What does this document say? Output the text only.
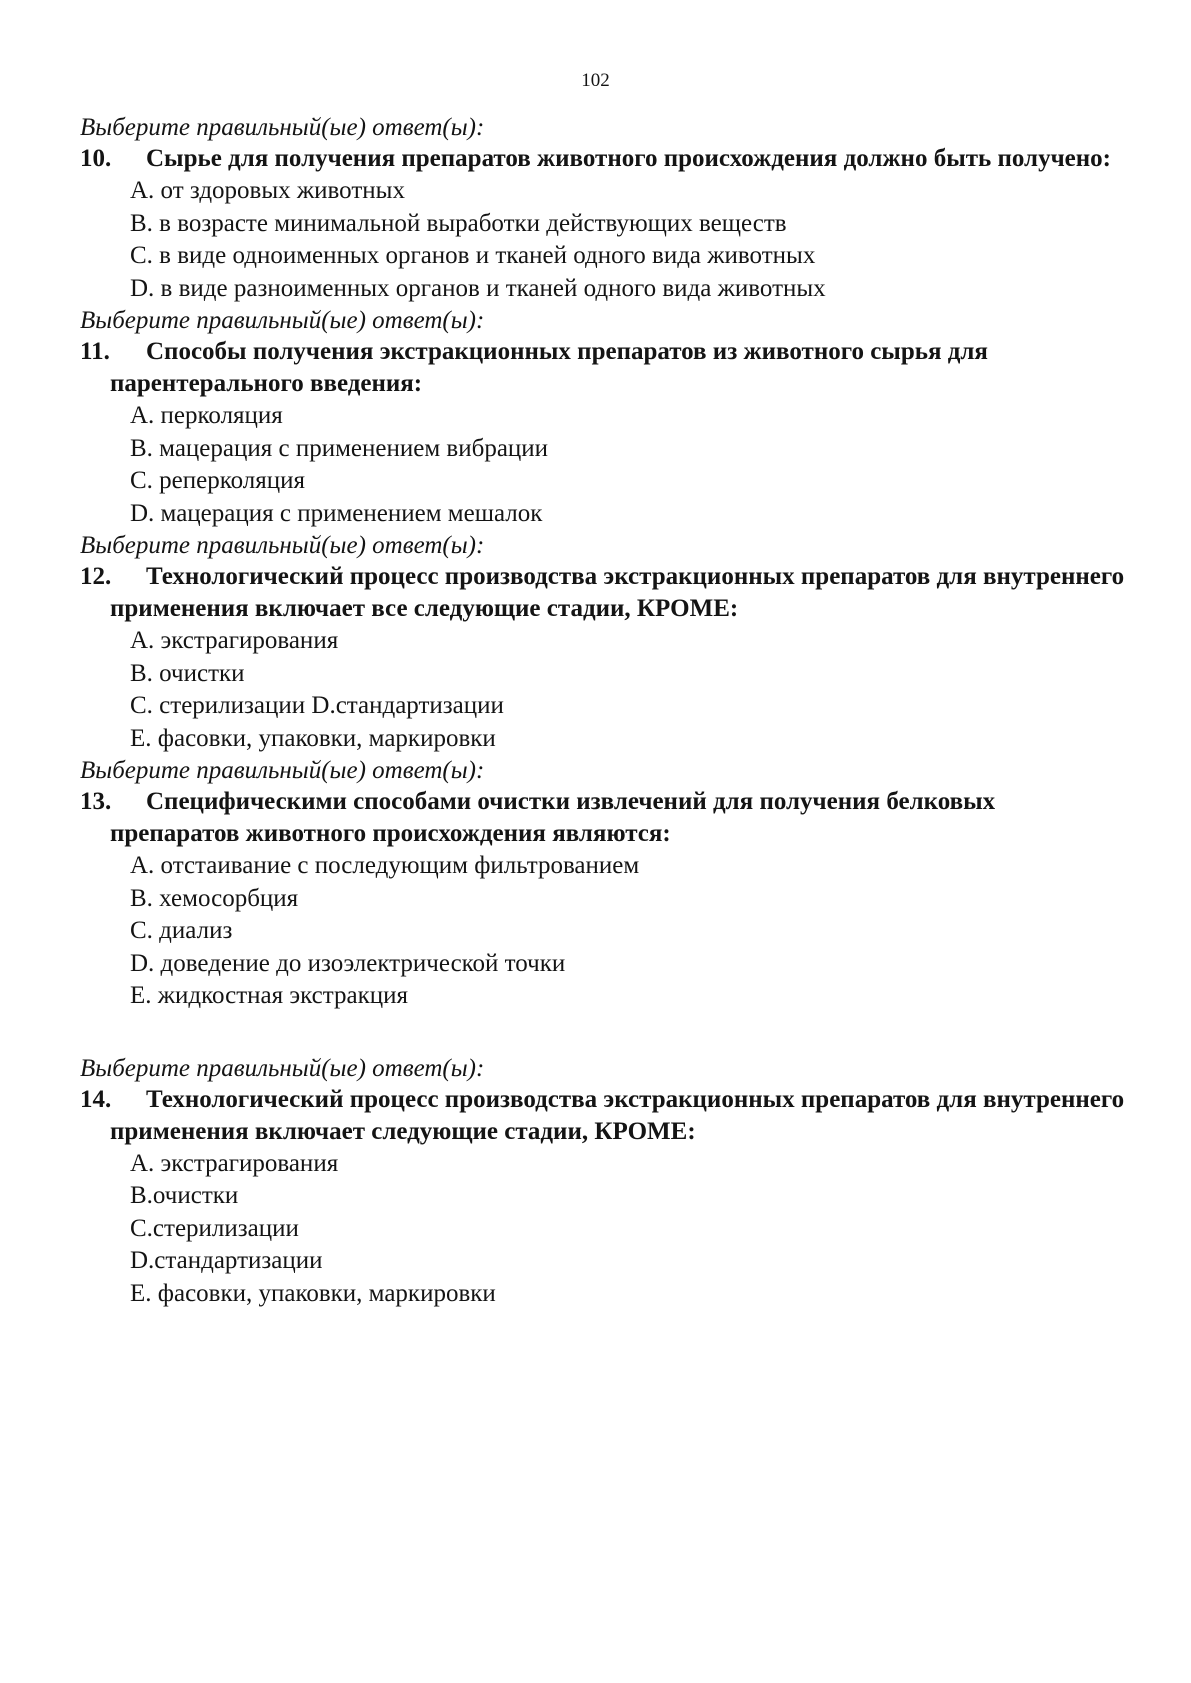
102
Выберите правильный(ые) ответ(ы):
10. Сырье для получения препаратов животного происхождения должно быть получено:
A. от здоровых животных
B. в возрасте минимальной выработки действующих веществ
C. в виде одноименных органов и тканей одного вида животных
D. в виде разноименных органов и тканей одного вида животных
Выберите правильный(ые) ответ(ы):
11. Способы получения экстракционных препаратов из животного сырья для парентерального введения:
A. перколяция
B. мацерация с применением вибрации
C. реперколяция
D. мацерация с применением мешалок
Выберите правильный(ые) ответ(ы):
12. Технологический процесс производства экстракционных препаратов для внутреннего применения включает все следующие стадии, КРОМЕ:
A. экстрагирования
B. очистки
C. стерилизации D.стандартизации
E. фасовки, упаковки, маркировки
Выберите правильный(ые) ответ(ы):
13. Специфическими способами очистки извлечений для получения белковых препаратов животного происхождения являются:
A. отстаивание с последующим фильтрованием
B. хемосорбция
C. диализ
D. доведение до изоэлектрической точки
E. жидкостная экстракция
Выберите правильный(ые) ответ(ы):
14. Технологический процесс производства экстракционных препаратов для внутреннего применения включает следующие стадии, КРОМЕ:
A. экстрагирования
B.очистки
C.стерилизации
D.стандартизации
E. фасовки, упаковки, маркировки
